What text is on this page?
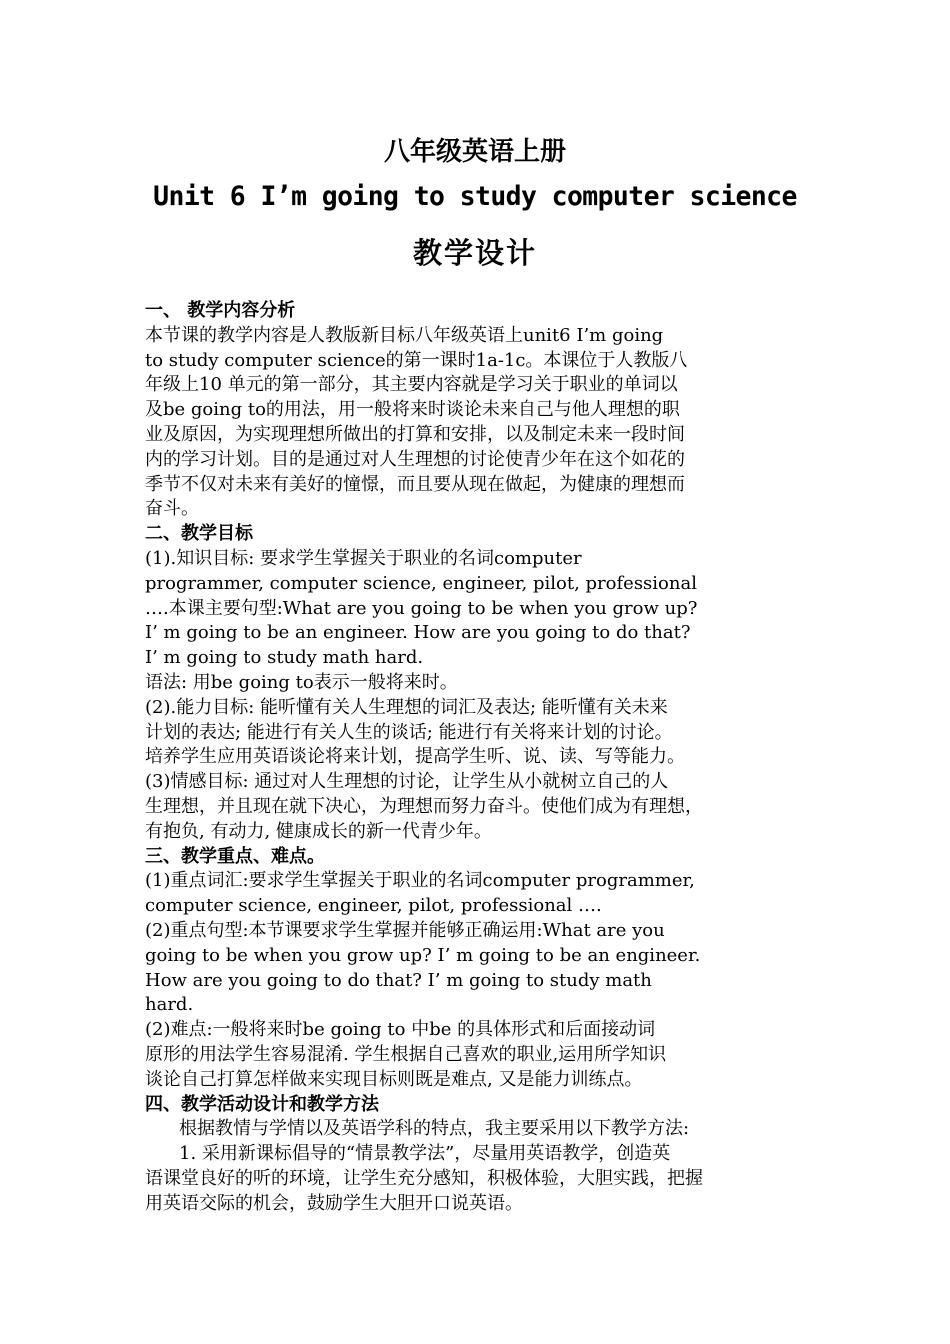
八年级英语上册
Unit 6 I’m going to study computer science
教学设计
一、 教学内容分析
本节课的教学内容是人教版新目标八年级英语上unit6 I’m going
to study computer science的第一课时1a-1c。本课位于人教版八
年级上10 单元的第一部分，其主要内容就是学习关于职业的单词以
及be going to的用法，用一般将来时谈论未来自己与他人理想的职
业及原因，为实现理想所做出的打算和安排，以及制定未来一段时间
内的学习计划。目的是通过对人生理想的讨论使青少年在这个如花的
季节不仅对未来有美好的憧憬，而且要从现在做起，为健康的理想而
奋斗。
二、教学目标
(1).知识目标: 要求学生掌握关于职业的名词computer
programmer, computer science, engineer, pilot, professional
….本课主要句型:What are you going to be when you grow up?
I’ m going to be an engineer. How are you going to do that?
I’ m going to study math hard.
语法: 用be going to表示一般将来时。
(2).能力目标: 能听懂有关人生理想的词汇及表达; 能听懂有关未来
计划的表达; 能进行有关人生的谈话; 能进行有关将来计划的讨论。
培养学生应用英语谈论将来计划，提高学生听、说、读、写等能力。
(3)情感目标: 通过对人生理想的讨论，让学生从小就树立自己的人
生理想，并且现在就下决心，为理想而努力奋斗。使他们成为有理想，
有抱负, 有动力, 健康成长的新一代青少年。
三、教学重点、难点。
(1)重点词汇:要求学生掌握关于职业的名词computer programmer,
computer science, engineer, pilot, professional ….
(2)重点句型:本节课要求学生掌握并能够正确运用:What are you
going to be when you grow up? I’ m going to be an engineer.
How are you going to do that? I’ m going to study math
hard.
(2)难点:一般将来时be going to 中be 的具体形式和后面接动词
原形的用法学生容易混淆. 学生根据自己喜欢的职业,运用所学知识
谈论自己打算怎样做来实现目标则既是难点, 又是能力训练点。
四、教学活动设计和教学方法
根据教情与学情以及英语学科的特点，我主要采用以下教学方法:
1. 采用新课标倡导的“情景教学法”，尽量用英语教学，创造英
语课堂良好的听的环境，让学生充分感知，积极体验，大胆实践，把握
用英语交际的机会，鼓励学生大胆开口说英语。
